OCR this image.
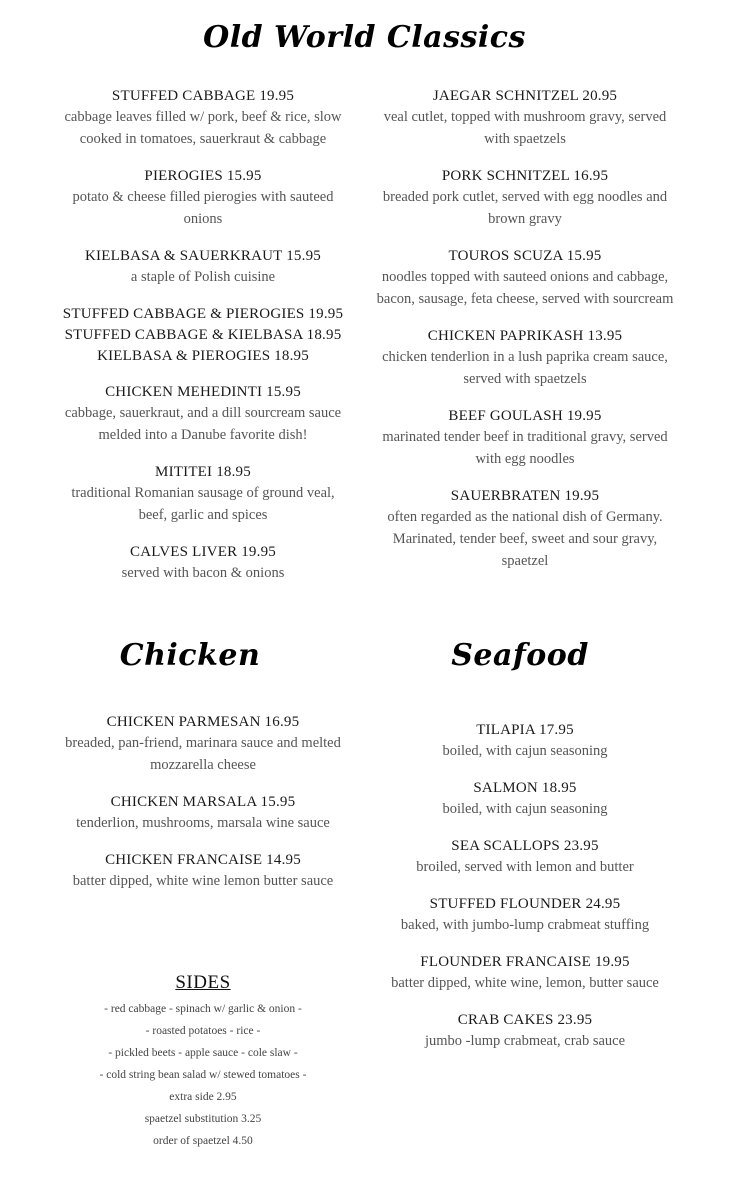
Old World Classics
STUFFED CABBAGE 19.95
cabbage leaves filled w/ pork, beef & rice, slow cooked in tomatoes, sauerkraut & cabbage
PIEROGIES 15.95
potato & cheese filled pierogies with sauteed onions
KIELBASA & SAUERKRAUT 15.95
a staple of Polish cuisine
STUFFED CABBAGE & PIEROGIES 19.95
STUFFED CABBAGE & KIELBASA 18.95
KIELBASA & PIEROGIES 18.95
CHICKEN MEHEDINTI 15.95
cabbage, sauerkraut, and a dill sourcream sauce melded into a Danube favorite dish!
MITITEI 18.95
traditional Romanian sausage of ground veal, beef, garlic and spices
CALVES LIVER 19.95
served with bacon & onions
JAEGAR SCHNITZEL 20.95
veal cutlet, topped with mushroom gravy, served with spaetzels
PORK SCHNITZEL 16.95
breaded pork cutlet, served with egg noodles and brown gravy
TOUROS SCUZA 15.95
noodles topped with sauteed onions and cabbage, bacon, sausage, feta cheese, served with sourcream
CHICKEN PAPRIKASH 13.95
chicken tenderlion in a lush paprika cream sauce, served with spaetzels
BEEF GOULASH 19.95
marinated tender beef in traditional gravy, served with egg noodles
SAUERBRATEN 19.95
often regarded as the national dish of Germany. Marinated, tender beef, sweet and sour gravy, spaetzel
Chicken	Seafood
CHICKEN PARMESAN 16.95
breaded, pan-friend, marinara sauce and melted mozzarella cheese
CHICKEN MARSALA 15.95
tenderlion, mushrooms, marsala wine sauce
CHICKEN FRANCAISE 14.95
batter dipped, white wine lemon butter sauce
SIDES
- red cabbage - spinach w/ garlic & onion -
- roasted potatoes - rice -
- pickled beets - apple sauce - cole slaw -
- cold string bean salad w/ stewed tomatoes -
extra side 2.95
spaetzel substitution 3.25
order of spaetzel 4.50
TILAPIA 17.95
boiled, with cajun seasoning
SALMON 18.95
boiled, with cajun seasoning
SEA SCALLOPS 23.95
broiled, served with lemon and butter
STUFFED FLOUNDER 24.95
baked, with jumbo-lump crabmeat stuffing
FLOUNDER FRANCAISE 19.95
batter dipped, white wine, lemon, butter sauce
CRAB CAKES 23.95
jumbo -lump crabmeat, crab sauce
